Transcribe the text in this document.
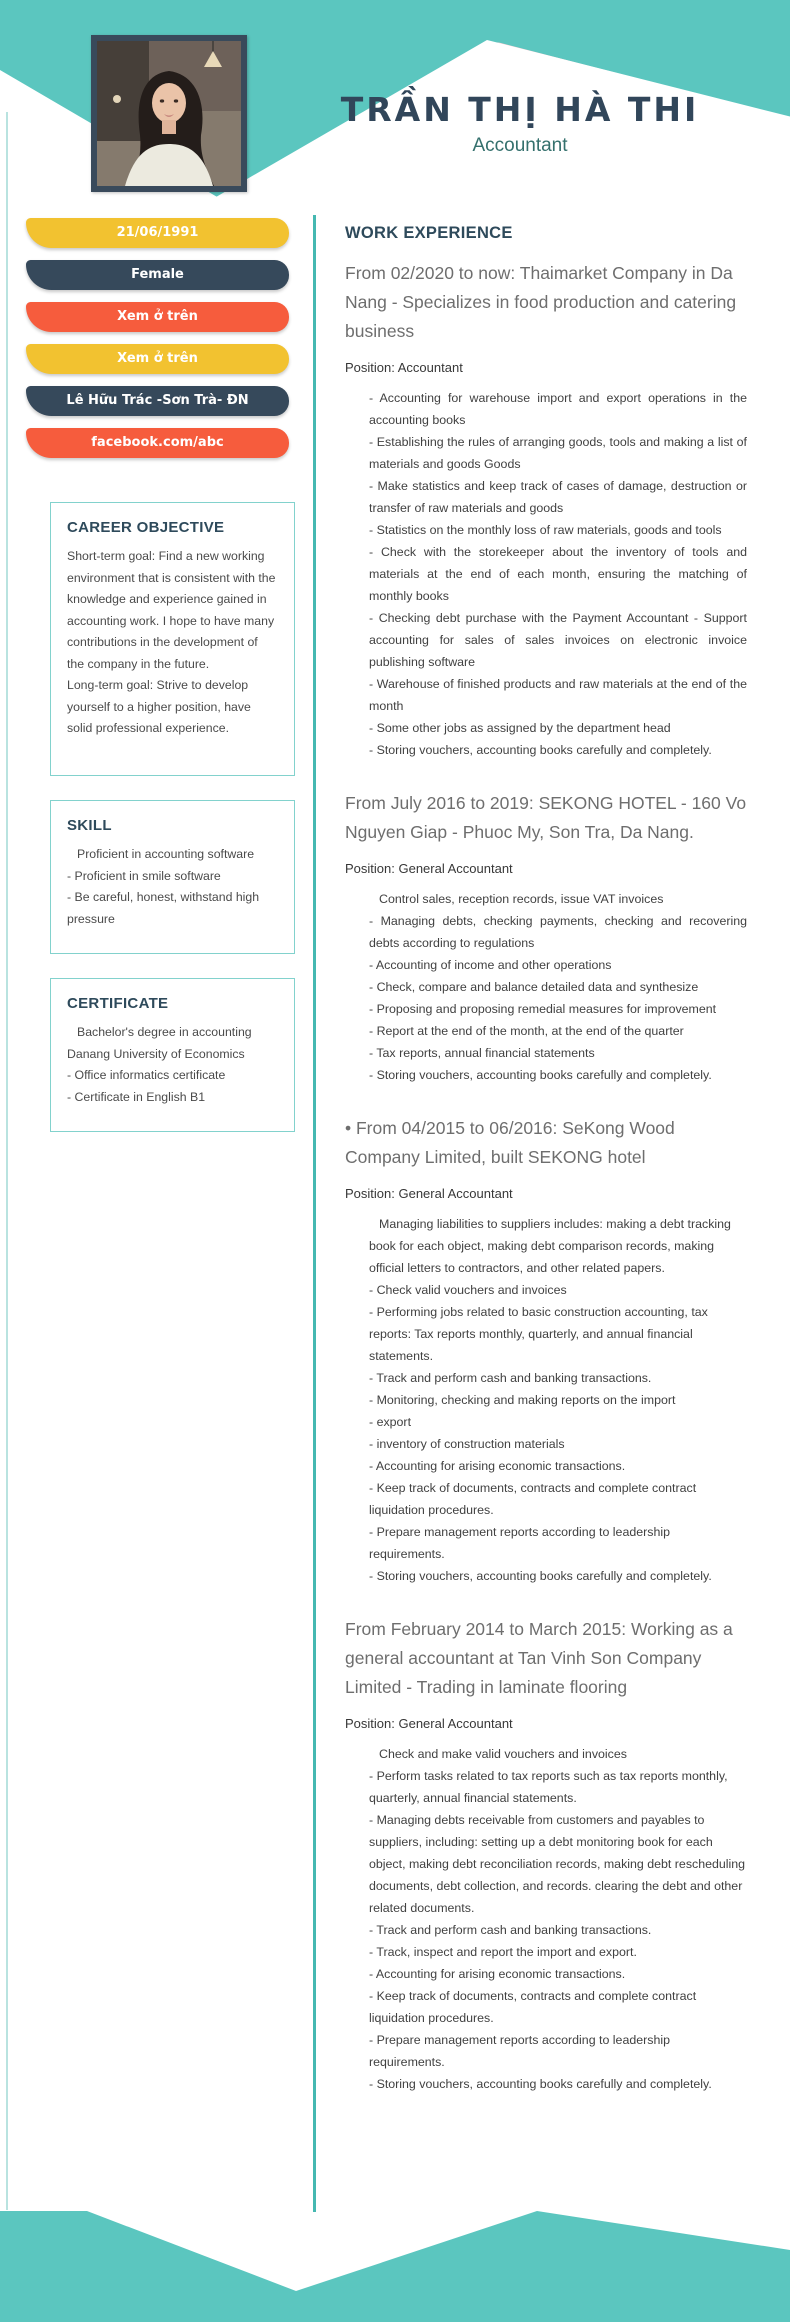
TRẦN THỊ HÀ THI

Accountant

21/06/1991
Female
Xem ở trên
Xem ở trên
Lê Hữu Trác -Sơn Trà- ĐN
facebook.com/abc
CAREER OBJECTIVE

Short-term goal: Find a new working environment that is consistent with the knowledge and experience gained in accounting work. I hope to have many contributions in the development of the company in the future.

Long-term goal: Strive to develop yourself to a higher position, have solid professional experience.

SKILL

Proficient in accounting software

- Proficient in smile software

- Be careful, honest, withstand high pressure

CERTIFICATE

Bachelor's degree in accounting Danang University of Economics

- Office informatics certificate

- Certificate in English B1

WORK EXPERIENCE
From 02/2020 to now: Thaimarket Company in Da Nang - Specializes in food production and catering business

Position: Accountant

- Accounting for warehouse import and export operations in the accounting books

- Establishing the rules of arranging goods, tools and making a list of materials and goods Goods

- Make statistics and keep track of cases of damage, destruction or transfer of raw materials and goods

- Statistics on the monthly loss of raw materials, goods and tools

- Check with the storekeeper about the inventory of tools and materials at the end of each month, ensuring the matching of monthly books

- Checking debt purchase with the Payment Accountant - Support accounting for sales of sales invoices on electronic invoice publishing software

- Warehouse of finished products and raw materials at the end of the month

- Some other jobs as assigned by the department head

- Storing vouchers, accounting books carefully and completely.

From July 2016 to 2019: SEKONG HOTEL - 160 Vo Nguyen Giap - Phuoc My, Son Tra, Da Nang.

Position: General Accountant

Control sales, reception records, issue VAT invoices

- Managing debts, checking payments, checking and recovering debts according to regulations

- Accounting of income and other operations

- Check, compare and balance detailed data and synthesize

- Proposing and proposing remedial measures for improvement

- Report at the end of the month, at the end of the quarter

- Tax reports, annual financial statements

- Storing vouchers, accounting books carefully and completely.

• From 04/2015 to 06/2016: SeKong Wood Company Limited, built SEKONG hotel

Position: General Accountant

Managing liabilities to suppliers includes: making a debt tracking book for each object, making debt comparison records, making official letters to contractors, and other related papers.

- Check valid vouchers and invoices

- Performing jobs related to basic construction accounting, tax reports: Tax reports monthly, quarterly, and annual financial statements.

- Track and perform cash and banking transactions.

- Monitoring, checking and making reports on the import

- export

- inventory of construction materials

- Accounting for arising economic transactions.

- Keep track of documents, contracts and complete contract liquidation procedures.

- Prepare management reports according to leadership requirements.

- Storing vouchers, accounting books carefully and completely.

From February 2014 to March 2015: Working as a general accountant at Tan Vinh Son Company Limited - Trading in laminate flooring

Position: General Accountant

Check and make valid vouchers and invoices

- Perform tasks related to tax reports such as tax reports monthly, quarterly, annual financial statements.

- Managing debts receivable from customers and payables to suppliers, including: setting up a debt monitoring book for each object, making debt reconciliation records, making debt rescheduling documents, debt collection, and records. clearing the debt and other related documents.

- Track and perform cash and banking transactions.

- Track, inspect and report the import and export.

- Accounting for arising economic transactions.

- Keep track of documents, contracts and complete contract liquidation procedures.

- Prepare management reports according to leadership requirements.

- Storing vouchers, accounting books carefully and completely.
